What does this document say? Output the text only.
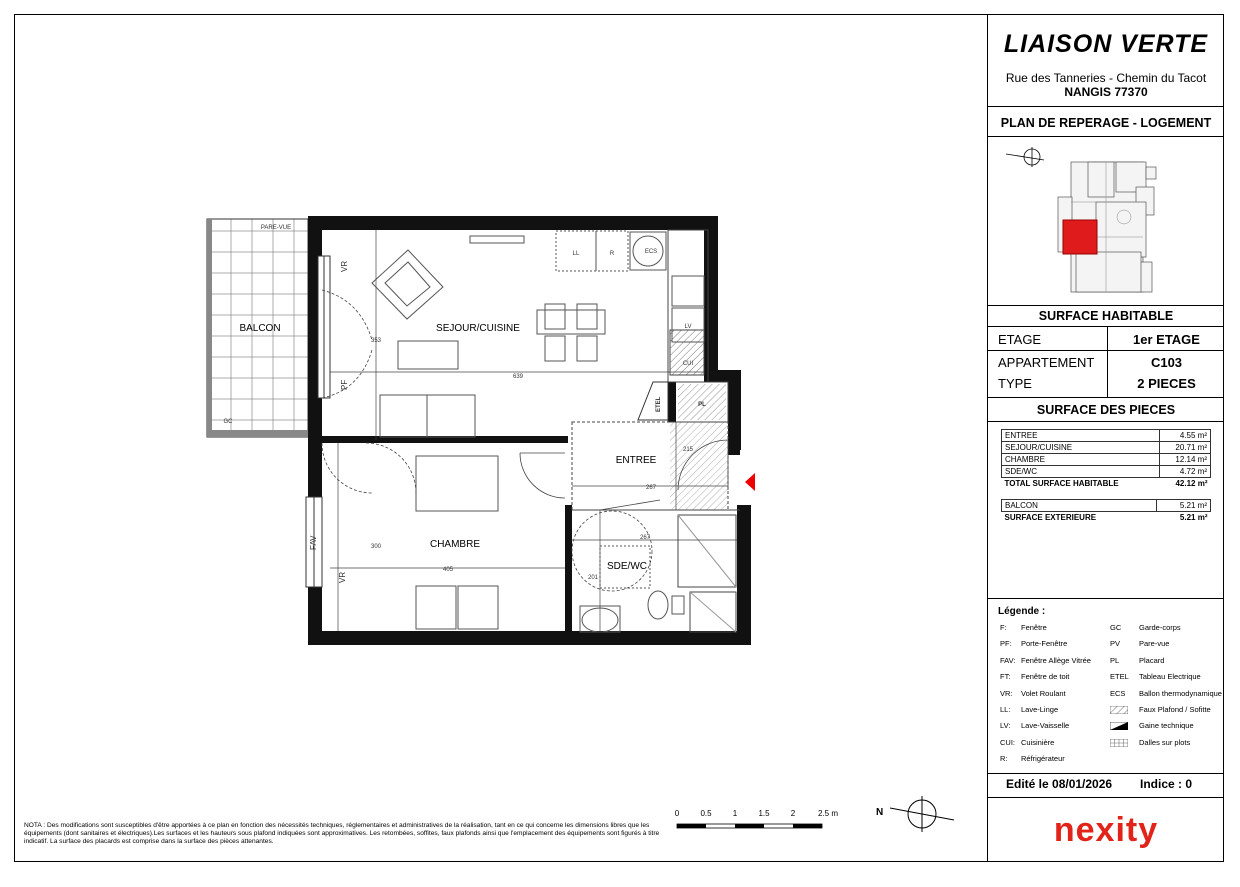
BALCON	SEJOUR/CUISINE
CHAMBRE
ENTREE
SDE/WC
PARE-VUE
GC
LL	R	ECS
LV
CUI
PL
353
639
215
267
267
300
405
201
VR
PF
FAV
VR
ETEL
0	0.5	1	1.5	2	2.5 m	N
NOTA : Des modifications sont susceptibles d'être apportées à ce plan en fonction des nécessités techniques, réglementaires et administratives de la réalisation, tant en ce qui concerne les dimensions libres que les équipements (dont sanitaires et électriques).Les surfaces et les hauteurs sous plafond indiquées sont approximatives. Les retombées, soffites, faux plafonds ainsi que l'emplacement des équipements sont figurés à titre indicatif. La surface des placards est comprise dans la surface des pièces attenantes.
LIAISON VERTE
Rue des Tanneries - Chemin du Tacot
NANGIS 77370
PLAN DE REPERAGE - LOGEMENT
SURFACE HABITABLE
ETAGE	1er ETAGE
APPARTEMENT	C103
TYPE	2 PIECES
SURFACE DES PIECES
ENTREE	4.55 m²
SEJOUR/CUISINE	20.71 m²
CHAMBRE	12.14 m²
SDE/WC	4.72 m²
TOTAL SURFACE HABITABLE	42.12 m²
BALCON	5.21 m²
SURFACE EXTERIEURE	5.21 m²
Légende :
F: Fenêtre
PF: Porte-Fenêtre
FAV: Fenêtre Allège Vitrée
FT: Fenêtre de toit
VR: Volet Roulant
LL: Lave-Linge
LV: Lave-Vaisselle
CUI: Cuisinière
R: Réfrigérateur
GC Garde-corps
PV	Pare-vue
PL	Placard
ETEL Tableau Electrique
ECS Ballon thermodynamique
Faux Plafond / Sofitte
Gaine technique
Dalles sur plots
Edité le 08/01/2026 Indice : 0
nexity
